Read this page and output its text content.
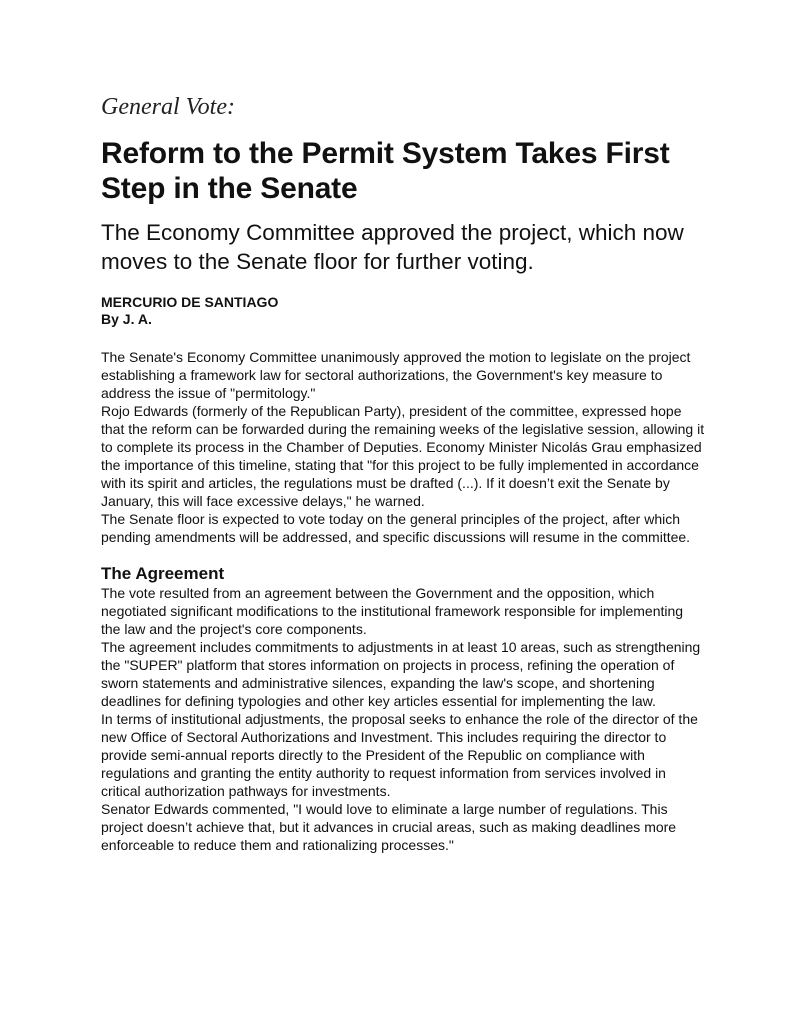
General Vote:
Reform to the Permit System Takes First
Step in the Senate
The Economy Committee approved the project, which now moves to the Senate floor for further voting.
MERCURIO DE SANTIAGO
By J. A.

The Senate's Economy Committee unanimously approved the motion to legislate on the project establishing a framework law for sectoral authorizations, the Government's key measure to address the issue of "permitology."

Rojo Edwards (formerly of the Republican Party), president of the committee, expressed hope that the reform can be forwarded during the remaining weeks of the legislative session, allowing it to complete its process in the Chamber of Deputies. Economy Minister Nicolás Grau emphasized the importance of this timeline, stating that "for this project to be fully implemented in accordance with its spirit and articles, the regulations must be drafted (...). If it doesn’t exit the Senate by January, this will face excessive delays," he warned.

The Senate floor is expected to vote today on the general principles of the project, after which pending amendments will be addressed, and specific discussions will resume in the committee.

The Agreement

The vote resulted from an agreement between the Government and the opposition, which negotiated significant modifications to the institutional framework responsible for implementing the law and the project's core components.

The agreement includes commitments to adjustments in at least 10 areas, such as strengthening the "SUPER" platform that stores information on projects in process, refining the operation of sworn statements and administrative silences, expanding the law's scope, and shortening deadlines for defining typologies and other key articles essential for implementing the law.

In terms of institutional adjustments, the proposal seeks to enhance the role of the director of the new Office of Sectoral Authorizations and Investment. This includes requiring the director to provide semi-annual reports directly to the President of the Republic on compliance with regulations and granting the entity authority to request information from services involved in critical authorization pathways for investments.

Senator Edwards commented, "I would love to eliminate a large number of regulations. This project doesn’t achieve that, but it advances in crucial areas, such as making deadlines more enforceable to reduce them and rationalizing processes."
